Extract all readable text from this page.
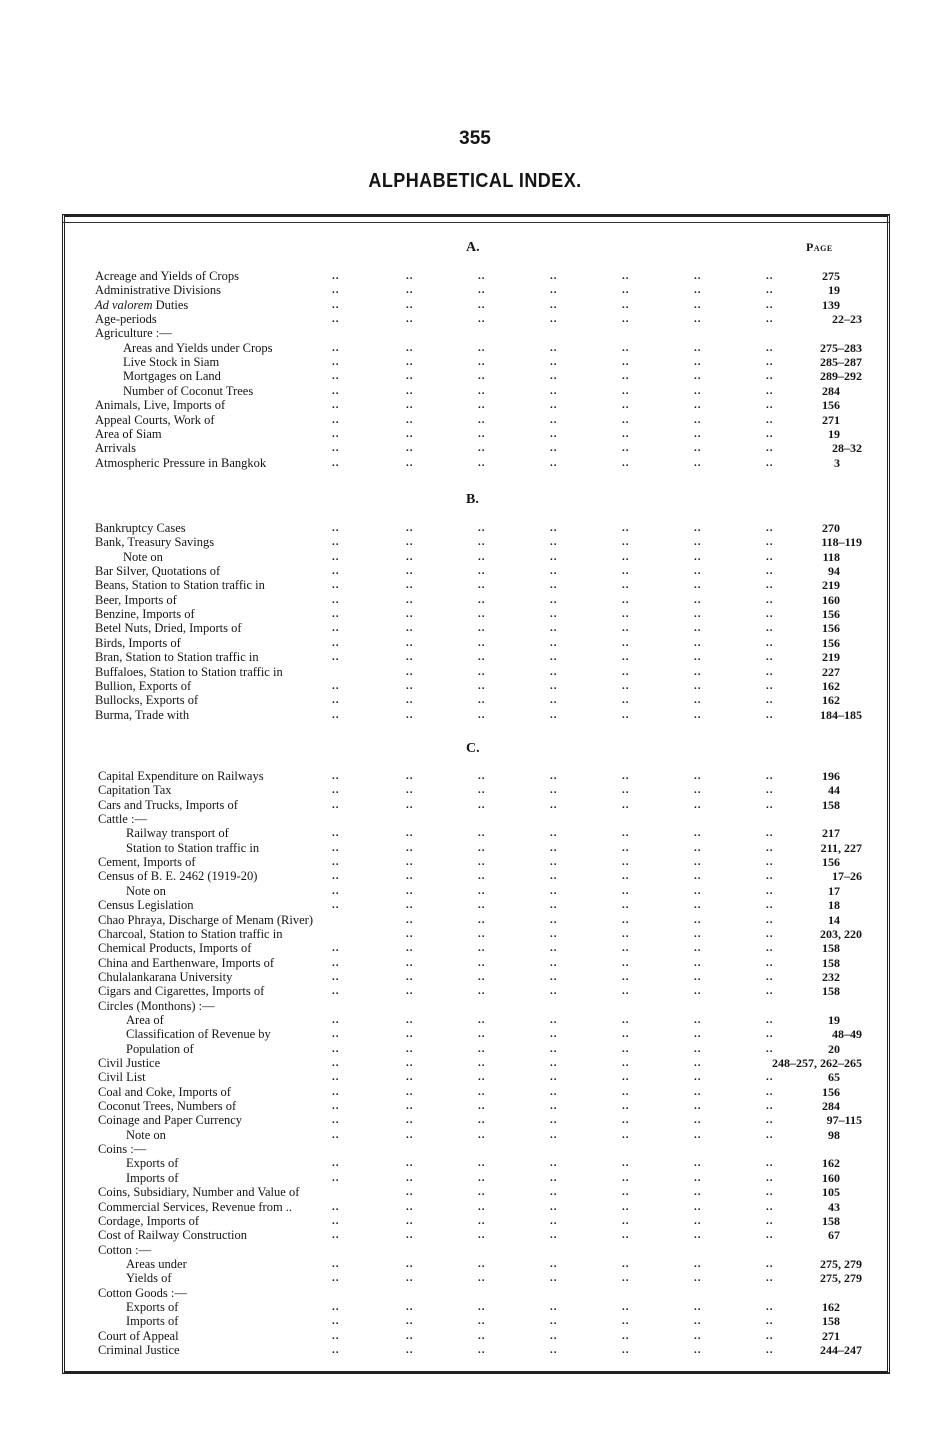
355
ALPHABETICAL INDEX.
Page
A.
Acreage and Yields of Crops	..	..	..	..	..	..	..	275
Administrative Divisions	..	..	..	..	..	..	..	19
Ad valorem Duties	..	..	..	..	..	..	..	139
Age-periods	..	..	..	..	..	..	..	22–23
Agriculture :—
Areas and Yields under Crops	..	..	..	..	..	..	..	275–283
Live Stock in Siam	..	..	..	..	..	..	..	285–287
Mortgages on Land	..	..	..	..	..	..	..	289–292
Number of Coconut Trees	..	..	..	..	..	..	..	284
Animals, Live, Imports of	..	..	..	..	..	..	..	156
Appeal Courts, Work of	..	..	..	..	..	..	..	271
Area of Siam	..	..	..	..	..	..	..	19
Arrivals	..	..	..	..	..	..	..	28–32
Atmospheric Pressure in Bangkok	..	..	..	..	..	..	..	3
B.
Bankruptcy Cases	..	..	..	..	..	..	..	270
Bank, Treasury Savings	..	..	..	..	..	..	..	118–119
Note on	..	..	..	..	..	..	..	118
Bar Silver, Quotations of	..	..	..	..	..	..	..	94
Beans, Station to Station traffic in	..	..	..	..	..	..	..	219
Beer, Imports of	..	..	..	..	..	..	..	160
Benzine, Imports of	..	..	..	..	..	..	..	156
Betel Nuts, Dried, Imports of	..	..	..	..	..	..	..	156
Birds, Imports of	..	..	..	..	..	..	..	156
Bran, Station to Station traffic in	..	..	..	..	..	..	..	219
Buffaloes, Station to Station traffic in	..	..	..	..	..	..	227
Bullion, Exports of	..	..	..	..	..	..	..	162
Bullocks, Exports of	..	..	..	..	..	..	..	162
Burma, Trade with	..	..	..	..	..	..	..	184–185
C.
Capital Expenditure on Railways	..	..	..	..	..	..	..	196
Capitation Tax	..	..	..	..	..	..	..	44
Cars and Trucks, Imports of	..	..	..	..	..	..	..	158
Cattle :—
Railway transport of	..	..	..	..	..	..	..	217
Station to Station traffic in	..	..	..	..	..	..	..	211, 227
Cement, Imports of	..	..	..	..	..	..	..	156
Census of B. E. 2462 (1919-20)	..	..	..	..	..	..	..	17–26
Note on	..	..	..	..	..	..	..	17
Census Legislation	..	..	..	..	..	..	..	18
Chao Phraya, Discharge of Menam (River)	..	..	..	..	..	..	14
Charcoal, Station to Station traffic in	..	..	..	..	..	..	203, 220
Chemical Products, Imports of	..	..	..	..	..	..	..	158
China and Earthenware, Imports of	..	..	..	..	..	..	..	158
Chulalankarana University	..	..	..	..	..	..	..	232
Cigars and Cigarettes, Imports of	..	..	..	..	..	..	..	158
Circles (Monthons) :—
Area of	..	..	..	..	..	..	..	19
Classification of Revenue by	..	..	..	..	..	..	..	48–49
Population of	..	..	..	..	..	..	..	20
Civil Justice	..	..	..	..	..	..	248–257, 262–265
Civil List	..	..	..	..	..	..	..	65
Coal and Coke, Imports of	..	..	..	..	..	..	..	156
Coconut Trees, Numbers of	..	..	..	..	..	..	..	284
Coinage and Paper Currency	..	..	..	..	..	..	..	97–115
Note on	..	..	..	..	..	..	..	98
Coins :—
Exports of	..	..	..	..	..	..	..	162
Imports of	..	..	..	..	..	..	..	160
Coins, Subsidiary, Number and Value of	..	..	..	..	..	..	105
Commercial Services, Revenue from ..	..	..	..	..	..	..	..	43
Cordage, Imports of	..	..	..	..	..	..	..	158
Cost of Railway Construction	..	..	..	..	..	..	..	67
Cotton :—
Areas under	..	..	..	..	..	..	..	275, 279
Yields of	..	..	..	..	..	..	..	275, 279
Cotton Goods :—
Exports of	..	..	..	..	..	..	..	162
Imports of	..	..	..	..	..	..	..	158
Court of Appeal	..	..	..	..	..	..	..	271
Criminal Justice	..	..	..	..	..	..	..	244–247
